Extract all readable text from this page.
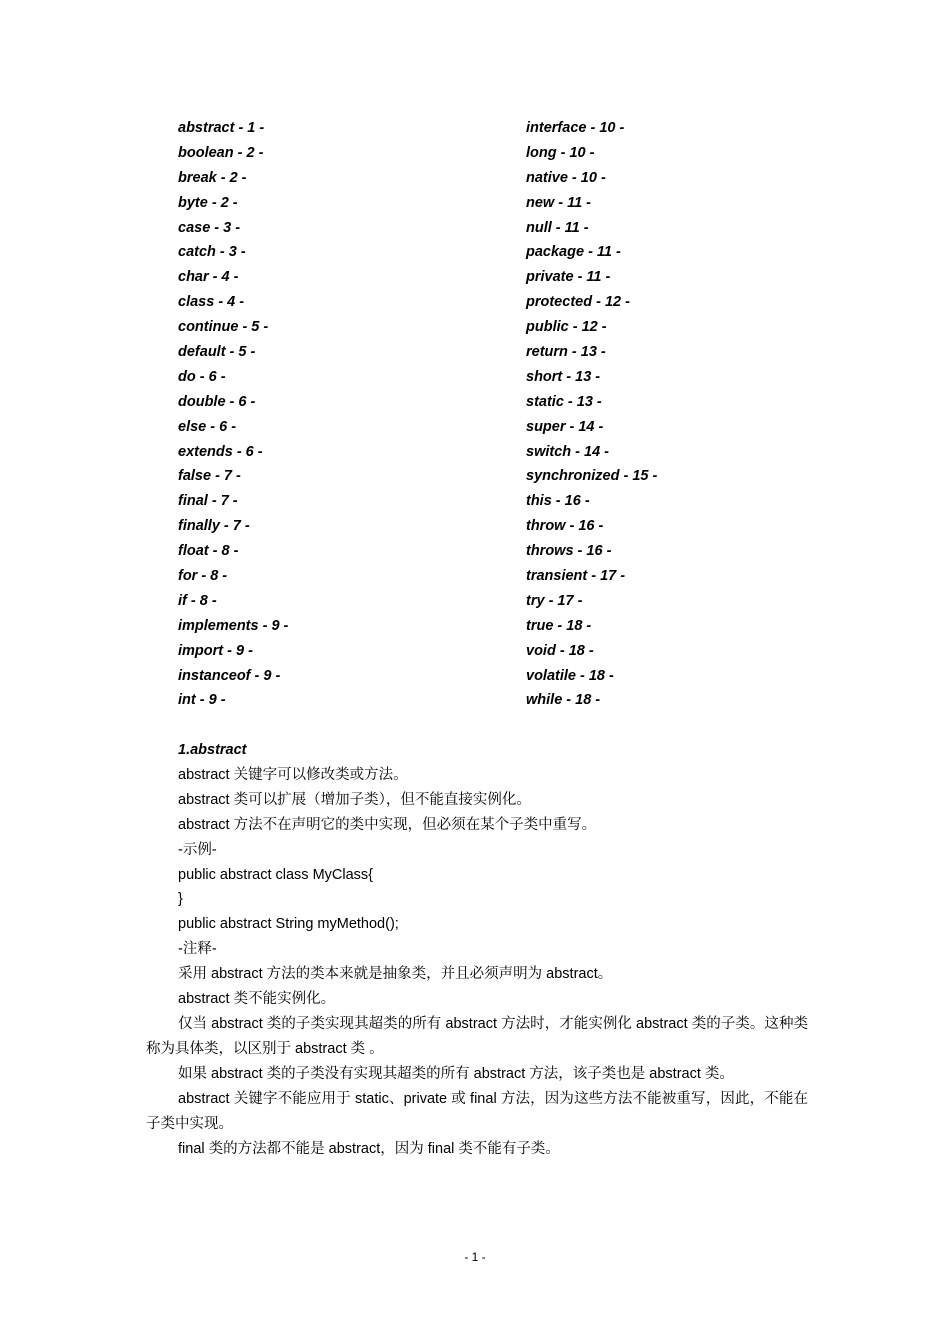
abstract - 1 -
boolean - 2 -
break - 2 -
byte - 2 -
case - 3 -
catch - 3 -
char - 4 -
class - 4 -
continue - 5 -
default - 5 -
do - 6 -
double - 6 -
else - 6 -
extends - 6 -
false - 7 -
final - 7 -
finally - 7 -
float - 8 -
for - 8 -
if - 8 -
implements - 9 -
import - 9 -
instanceof - 9 -
int - 9 -
interface - 10 -
long - 10 -
native - 10 -
new - 11 -
null - 11 -
package - 11 -
private - 11 -
protected - 12 -
public - 12 -
return - 13 -
short - 13 -
static - 13 -
super - 14 -
switch - 14 -
synchronized - 15 -
this - 16 -
throw - 16 -
throws - 16 -
transient - 17 -
try - 17 -
true - 18 -
void - 18 -
volatile - 18 -
while - 18 -
1.abstract
abstract 关键字可以修改类或方法。
abstract 类可以扩展（增加子类），但不能直接实例化。
abstract 方法不在声明它的类中实现，但必须在某个子类中重写。
-示例-
public abstract class MyClass{
}
public abstract String myMethod();
-注释-
采用 abstract 方法的类本来就是抽象类，并且必须声明为 abstract。
abstract 类不能实例化。
仅当 abstract 类的子类实现其超类的所有 abstract 方法时，才能实例化 abstract 类的子类。这种类称为具体类，以区别于 abstract 类 。
如果 abstract 类的子类没有实现其超类的所有 abstract 方法，该子类也是 abstract 类。
abstract 关键字不能应用于 static、private 或 final 方法，因为这些方法不能被重写，因此，不能在子类中实现。
final 类的方法都不能是 abstract，因为 final 类不能有子类。
- 1 -
